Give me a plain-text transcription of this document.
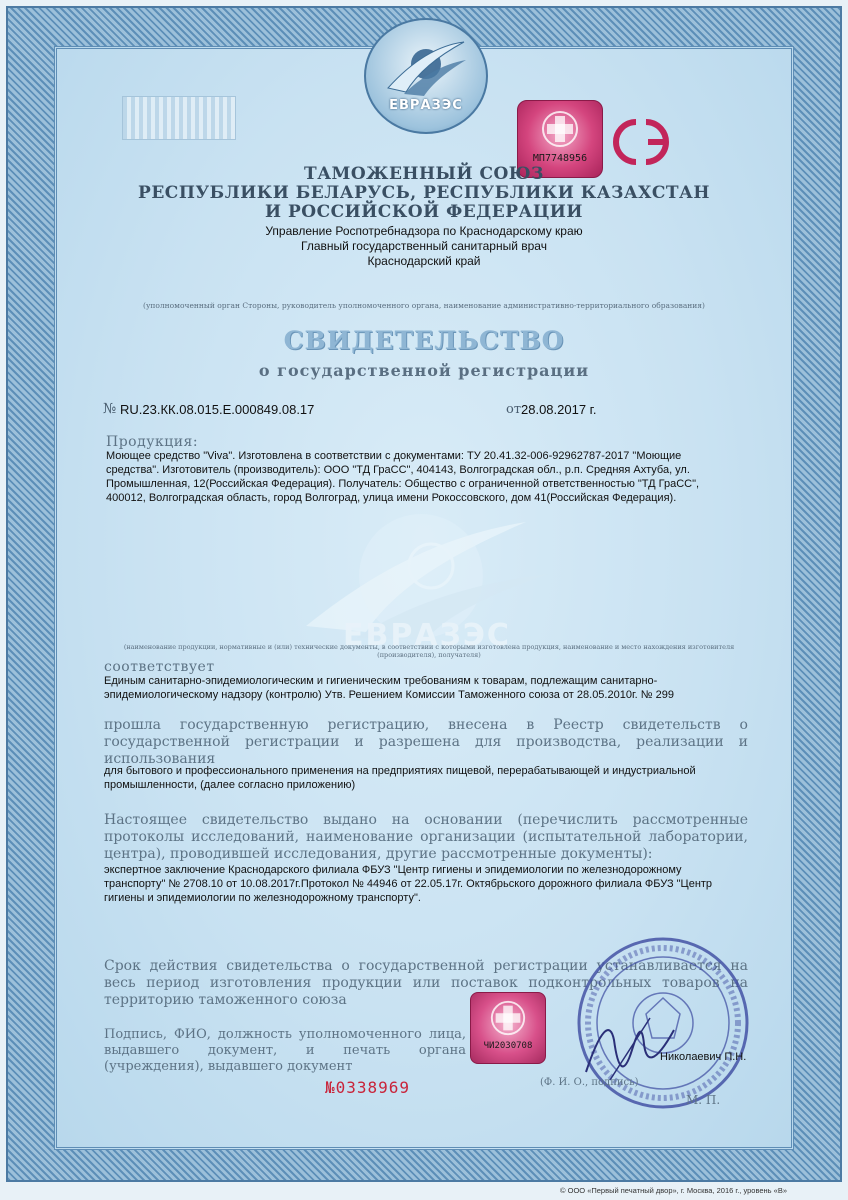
ЕВРАЗЭС
МП7748956
ТАМОЖЕННЫЙ СОЮЗ
РЕСПУБЛИКИ БЕЛАРУСЬ, РЕСПУБЛИКИ КАЗАХСТАН
И РОССИЙСКОЙ ФЕДЕРАЦИИ
Управление Роспотребнадзора по Краснодарскому краю
Главный государственный санитарный врач
Краснодарский край
(уполномоченный орган Стороны, руководитель уполномоченного органа, наименование административно-территориального образования)
СВИДЕТЕЛЬСТВО
о государственной регистрации
№ RU.23.КК.08.015.Е.000849.08.17	от 28.08.2017 г.
ЕВРАЗЭС
Продукция:
Моющее средство "Viva". Изготовлена в соответствии с документами: ТУ 20.41.32-006-92962787-2017 "Моющие средства". Изготовитель (производитель): ООО "ТД ГраСС", 404143, Волгоградская обл., р.п. Средняя Ахтуба, ул. Промышленная, 12(Российская Федерация). Получатель: Общество с ограниченной ответственностью "ТД ГраСС", 400012, Волгоградская область, город Волгоград, улица имени Рокоссовского, дом 41(Российская Федерация).
(наименование продукции, нормативные и (или) технические документы, в соответствии с которыми изготовлена продукция, наименование и место нахождения изготовителя (производителя), получателя)
соответствует
Единым санитарно-эпидемиологическим и гигиеническим требованиям к товарам, подлежащим санитарно-эпидемиологическому надзору (контролю) Утв. Решением Комиссии Таможенного союза от 28.05.2010г. № 299
прошла государственную регистрацию, внесена в Реестр свидетельств о государственной регистрации и разрешена для производства, реализации и использования
для бытового и профессионального применения на предприятиях пищевой, перерабатывающей и индустриальной промышленности, (далее согласно приложению)
Настоящее свидетельство выдано на основании (перечислить рассмотренные протоколы исследований, наименование организации (испытательной лаборатории, центра), проводившей исследования, другие рассмотренные документы):
экспертное заключение Краснодарского филиала ФБУЗ "Центр гигиены и эпидемиологии по железнодорожному транспорту" № 2708.10 от 10.08.2017г.Протокол № 44946 от 22.05.17г. Октябрьского дорожного филиала ФБУЗ "Центр гигиены и эпидемиологии по железнодорожному транспорту".
Срок действия свидетельства о государственной регистрации устанавливается на весь период изготовления продукции или поставок подконтрольных товаров на территорию таможенного союза
ЧИ2030708
Подпись, ФИО, должность уполномоченного лица, выдавшего документ, и печать органа (учреждения), выдавшего документ
№0338969
Николаевич П.Н.
(Ф. И. О., подпись)
М. П.
© ООО «Первый печатный двор», г. Москва, 2016 г., уровень «В»
